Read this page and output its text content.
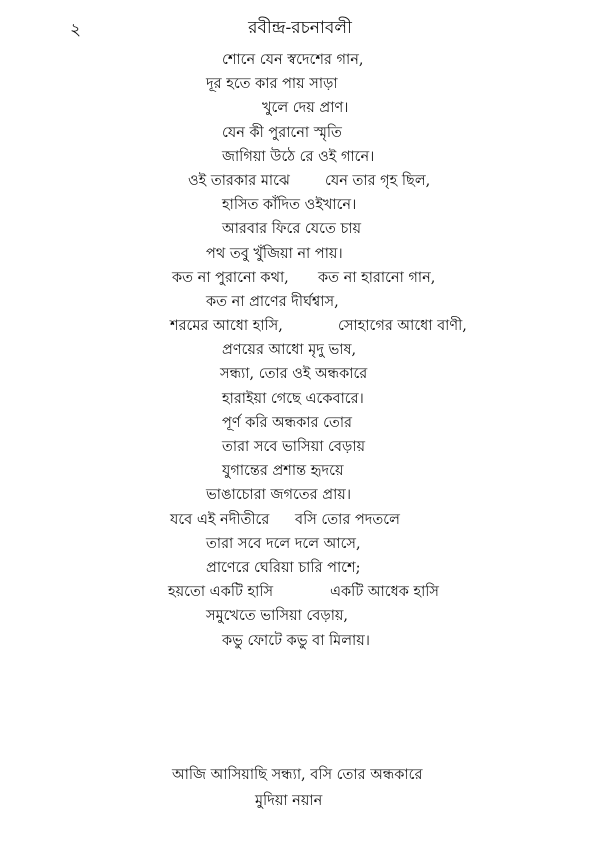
২	রবীন্দ্র-রচনাবলী
শোনে যেন স্বদেশের গান,
দূর হতে কার পায় সাড়া
খুলে দেয় প্রাণ।
যেন কী পুরানো স্মৃতি
জাগিয়া উঠে রে ওই গানে।
ওই তারকার মাঝে যেন তার গৃহ ছিল,
হাসিত কাঁদিত ওইখানে।
আরবার ফিরে যেতে চায়
পথ তবু খুঁজিয়া না পায়।
কত না পুরানো কথা, কত না হারানো গান,
কত না প্রাণের দীর্ঘশ্বাস,
শরমের আধো হাসি,	সোহাগের আধো বাণী,
প্রণয়ের আধো মৃদু ভাষ,
সন্ধ্যা, তোর ওই অন্ধকারে
হারাইয়া গেছে একেবারে।
পূর্ণ করি অন্ধকার তোর
তারা সবে ভাসিয়া বেড়ায়
যুগান্তের প্রশান্ত হৃদয়ে
ভাঙাচোরা জগতের প্রায়।
যবে এই নদীতীরে বসি তোর পদতলে
তারা সবে দলে দলে আসে,
প্রাণেরে ঘেরিয়া চারি পাশে;
হয়তো একটি হাসি	একটি আধেক হাসি
সমুখেতে ভাসিয়া বেড়ায়,
কভু ফোটে কভু বা মিলায়।
আজি আসিয়াছি সন্ধ্যা, বসি তোর অন্ধকারে
মুদিয়া নয়ান
